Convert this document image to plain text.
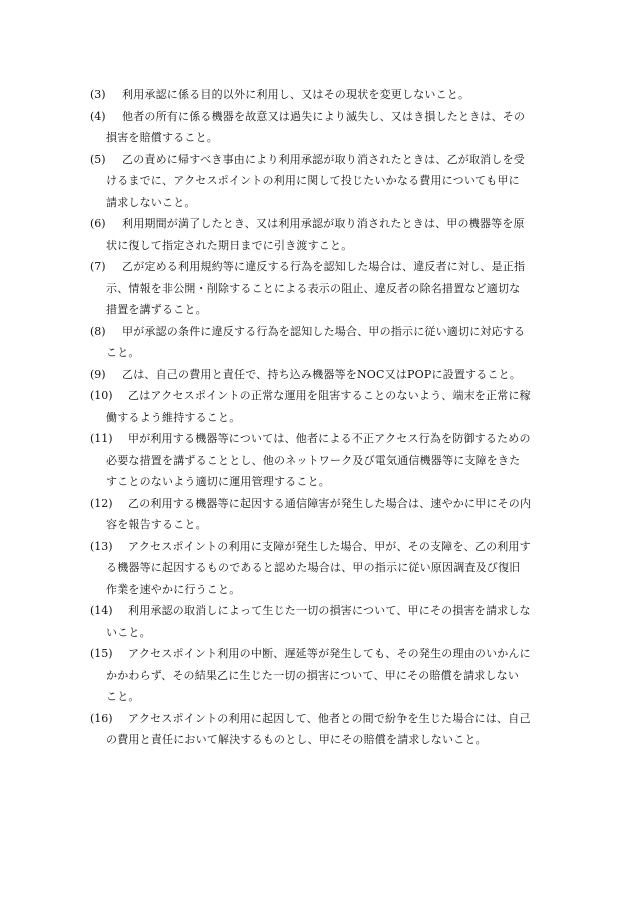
(3)	利用承認に係る目的以外に利用し、又はその現状を変更しないこと。
(4)	他者の所有に係る機器を故意又は過失により滅失し、又はき損したときは、その
損害を賠償すること。
(5)	乙の責めに帰すべき事由により利用承認が取り消されたときは、乙が取消しを受
けるまでに、アクセスポイントの利用に関して投じたいかなる費用についても甲に
請求しないこと。
(6)	利用期間が満了したとき、又は利用承認が取り消されたときは、甲の機器等を原
状に復して指定された期日までに引き渡すこと。
(7)	乙が定める利用規約等に違反する行為を認知した場合は、違反者に対し、是正指
示、情報を非公開・削除することによる表示の阻止、違反者の除名措置など適切な
措置を講ずること。
(8)	甲が承認の条件に違反する行為を認知した場合、甲の指示に従い適切に対応する
こと。
(9)	乙は、自己の費用と責任で、持ち込み機器等をNOC又はPOPに設置すること。
(10)	乙はアクセスポイントの正常な運用を阻害することのないよう、端末を正常に稼
働するよう維持すること。
(11)	甲が利用する機器等については、他者による不正アクセス行為を防御するための
必要な措置を講ずることとし、他のネットワーク及び電気通信機器等に支障をきた
すことのないよう適切に運用管理すること。
(12)	乙の利用する機器等に起因する通信障害が発生した場合は、速やかに甲にその内
容を報告すること。
(13)	アクセスポイントの利用に支障が発生した場合、甲が、その支障を、乙の利用す
る機器等に起因するものであると認めた場合は、甲の指示に従い原因調査及び復旧
作業を速やかに行うこと。
(14)	利用承認の取消しによって生じた一切の損害について、甲にその損害を請求しな
いこと。
(15)	アクセスポイント利用の中断、遅延等が発生しても、その発生の理由のいかんに
かかわらず、その結果乙に生じた一切の損害について、甲にその賠償を請求しない
こと。
(16)	アクセスポイントの利用に起因して、他者との間で紛争を生じた場合には、自己
の費用と責任において解決するものとし、甲にその賠償を請求しないこと。
